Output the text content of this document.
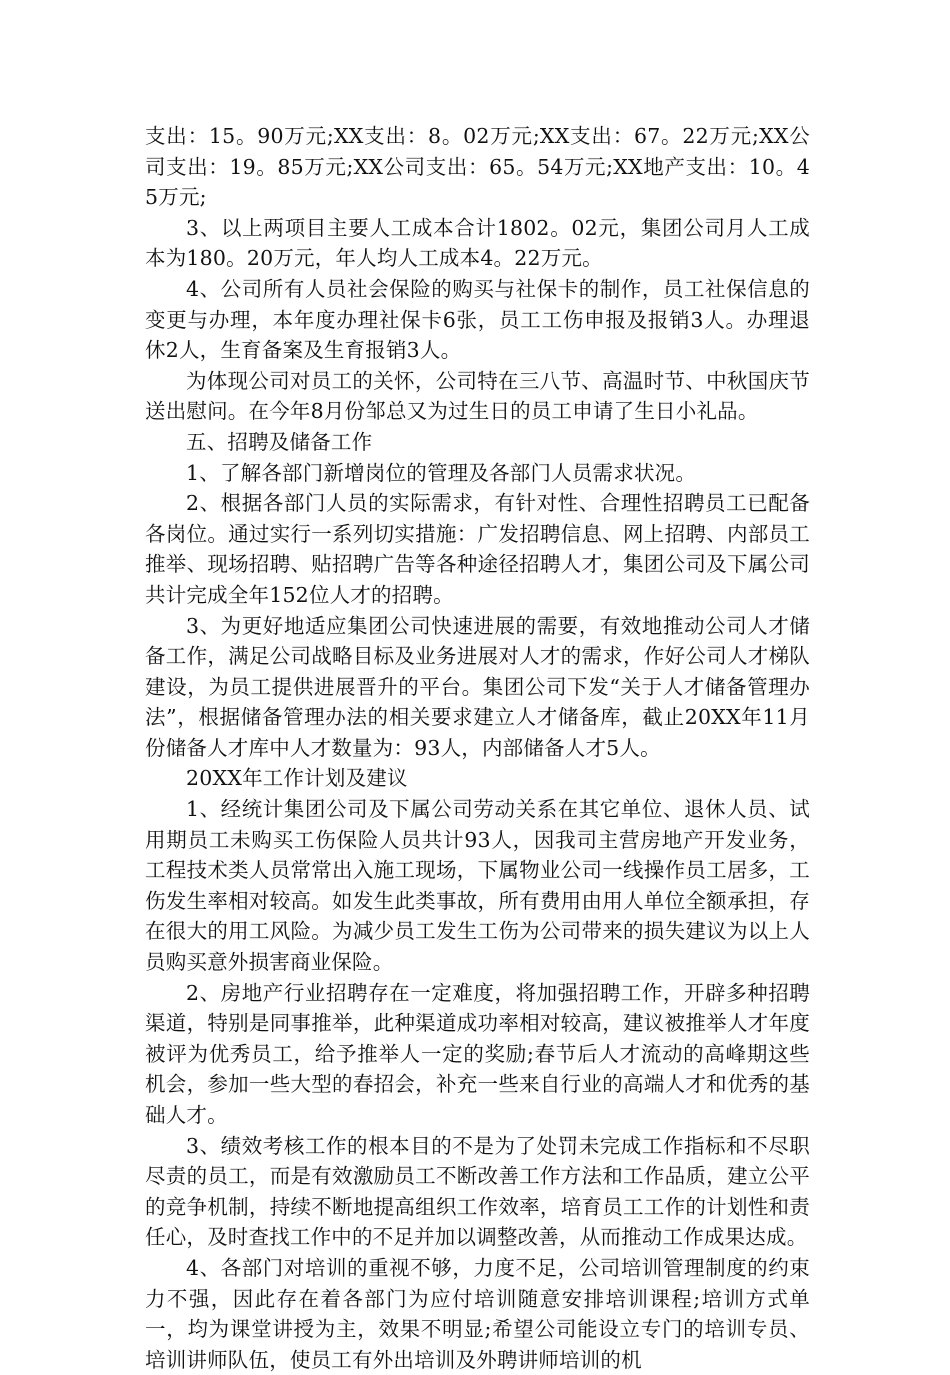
支出：15。90万元;XX支出：8。02万元;XX支出：67。22万元;XX公司支出：19。85万元;XX公司支出：65。54万元;XX地产支出：10。45万元;

3、以上两项目主要人工成本合计1802。02元，集团公司月人工成本为180。20万元，年人均人工成本4。22万元。

4、公司所有人员社会保险的购买与社保卡的制作，员工社保信息的变更与办理，本年度办理社保卡6张，员工工伤申报及报销3人。办理退休2人，生育备案及生育报销3人。

为体现公司对员工的关怀，公司特在三八节、高温时节、中秋国庆节送出慰问。在今年8月份邹总又为过生日的员工申请了生日小礼品。

五、招聘及储备工作

1、了解各部门新增岗位的管理及各部门人员需求状况。

2、根据各部门人员的实际需求，有针对性、合理性招聘员工已配备各岗位。通过实行一系列切实措施：广发招聘信息、网上招聘、内部员工推举、现场招聘、贴招聘广告等各种途径招聘人才，集团公司及下属公司共计完成全年152位人才的招聘。

3、为更好地适应集团公司快速进展的需要，有效地推动公司人才储备工作，满足公司战略目标及业务进展对人才的需求，作好公司人才梯队建设，为员工提供进展晋升的平台。集团公司下发“关于人才储备管理办法”，根据储备管理办法的相关要求建立人才储备库，截止20XX年11月份储备人才库中人才数量为：93人，内部储备人才5人。

20XX年工作计划及建议

1、经统计集团公司及下属公司劳动关系在其它单位、退休人员、试用期员工未购买工伤保险人员共计93人，因我司主营房地产开发业务，工程技术类人员常常出入施工现场，下属物业公司一线操作员工居多，工伤发生率相对较高。如发生此类事故，所有费用由用人单位全额承担，存在很大的用工风险。为减少员工发生工伤为公司带来的损失建议为以上人员购买意外损害商业保险。

2、房地产行业招聘存在一定难度，将加强招聘工作，开辟多种招聘渠道，特别是同事推举，此种渠道成功率相对较高，建议被推举人才年度被评为优秀员工，给予推举人一定的奖励;春节后人才流动的高峰期这些机会，参加一些大型的春招会，补充一些来自行业的高端人才和优秀的基础人才。

3、绩效考核工作的根本目的不是为了处罚未完成工作指标和不尽职尽责的员工，而是有效激励员工不断改善工作方法和工作品质，建立公平的竞争机制，持续不断地提高组织工作效率，培育员工工作的计划性和责任心，及时查找工作中的不足并加以调整改善，从而推动工作成果达成。

4、各部门对培训的重视不够，力度不足，公司培训管理制度的约束力不强，因此存在着各部门为应付培训随意安排培训课程;培训方式单一，均为课堂讲授为主，效果不明显;希望公司能设立专门的培训专员、培训讲师队伍，使员工有外出培训及外聘讲师培训的机
